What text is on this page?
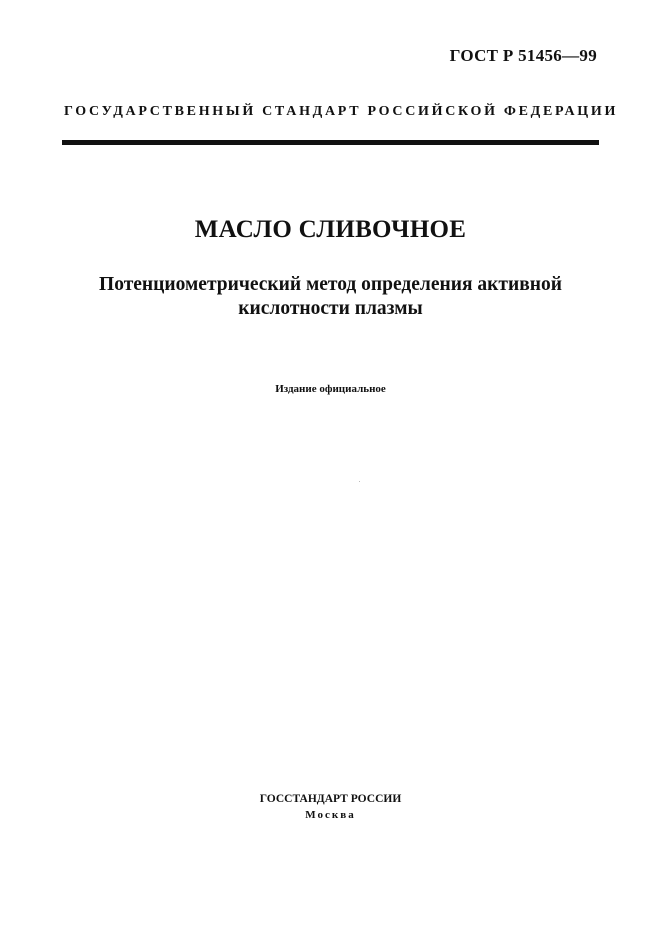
ГОСТ Р 51456—99
ГОСУДАРСТВЕННЫЙ СТАНДАРТ РОССИЙСКОЙ ФЕДЕРАЦИИ
МАСЛО СЛИВОЧНОЕ
Потенциометрический метод определения активной
кислотности плазмы
Издание официальное
ГОССТАНДАРТ РОССИИ
Москва
